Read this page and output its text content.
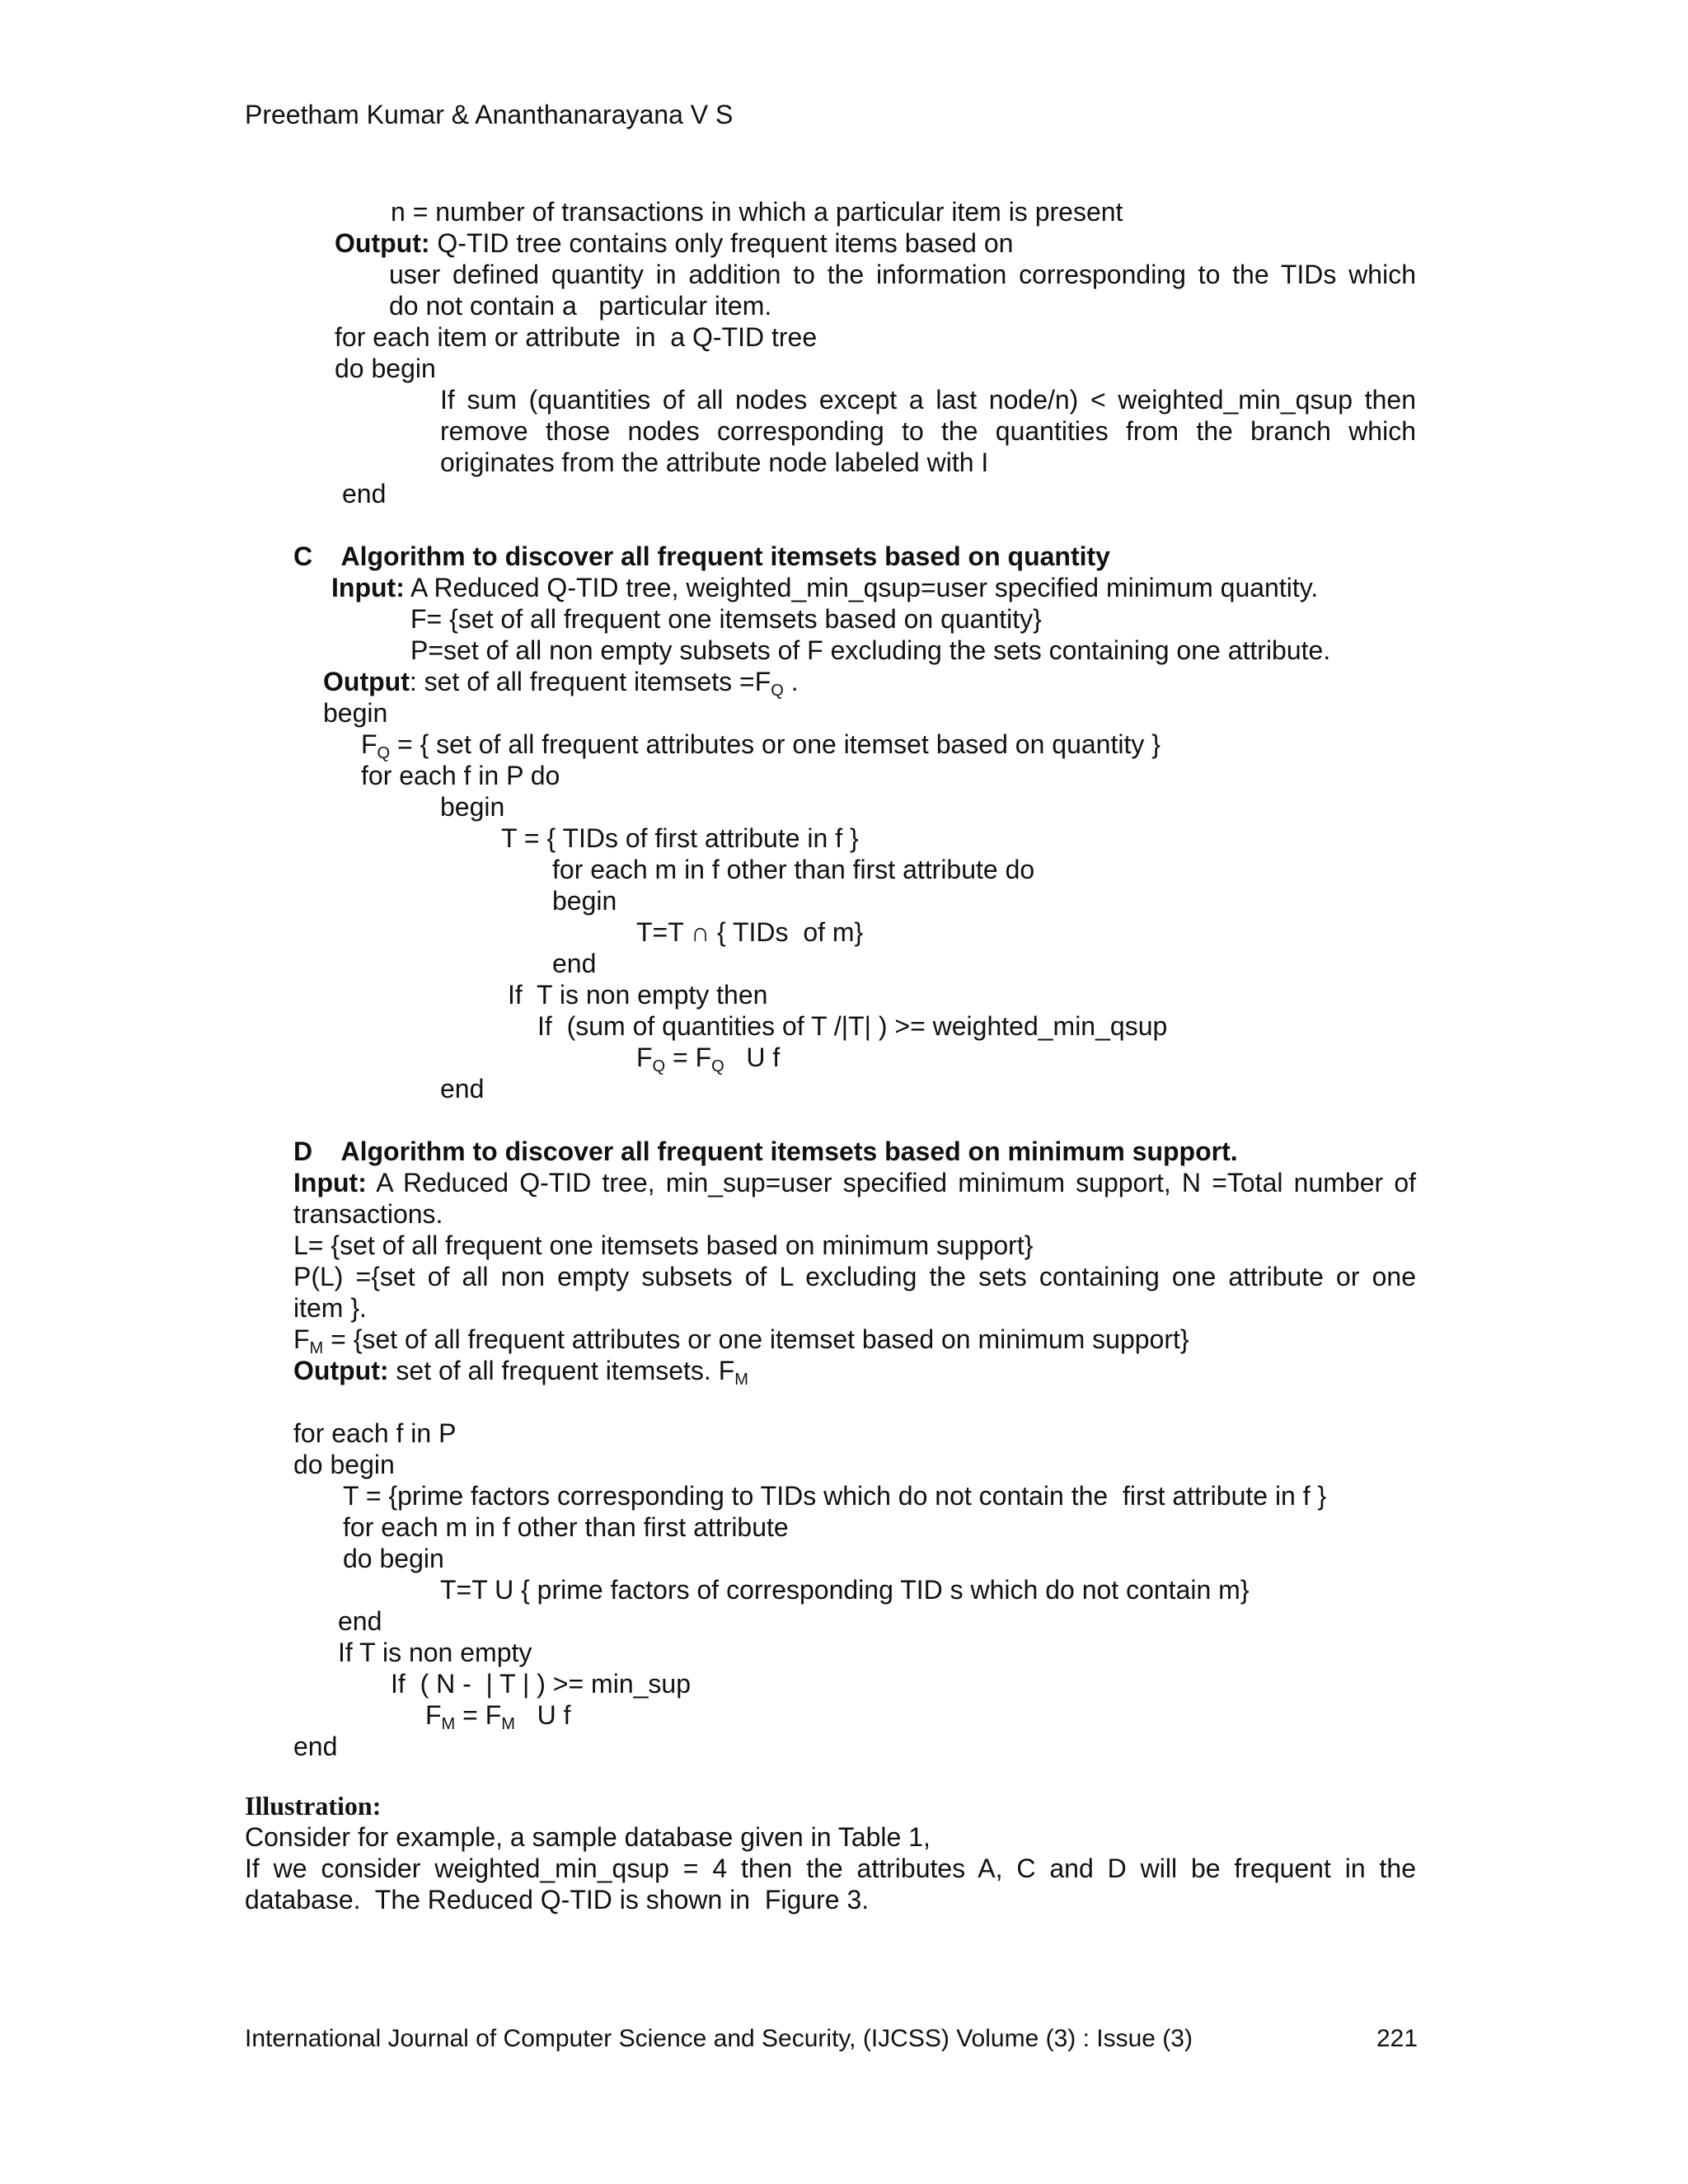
Preetham Kumar & Ananthanarayana V S
n = number of transactions in which a particular item is present
Output: Q-TID tree contains only frequent items based on
user defined quantity in addition to the information corresponding to the TIDs which
do not contain a   particular item.
for each item or attribute  in  a Q-TID tree
do begin
If sum (quantities of all nodes except a last node/n) < weighted_min_qsup then
remove those nodes corresponding to the quantities from the branch which
originates from the attribute node labeled with I
end
C    Algorithm to discover all frequent itemsets based on quantity
Input: A Reduced Q-TID tree, weighted_min_qsup=user specified minimum quantity.
F= {set of all frequent one itemsets based on quantity}
P=set of all non empty subsets of F excluding the sets containing one attribute.
Output: set of all frequent itemsets $=F_Q$ .
begin
$F_Q$ = { set of all frequent attributes or one itemset based on quantity }
for each f in P do
begin
T = { TIDs of first attribute in f }
for each m in f other than first attribute do
begin
T=T ∩ { TIDs  of m}
end
If  T is non empty then
If  (sum of quantities of T /|T| ) >= weighted_min_qsup
$F_Q = F_Q$   U f
end
D    Algorithm to discover all frequent itemsets based on minimum support.
Input: A Reduced Q-TID tree, min_sup=user specified minimum support, N =Total number of
transactions.
L= {set of all frequent one itemsets based on minimum support}
P(L) ={set of all non empty subsets of L excluding the sets containing one attribute or one
item }.
$F_M = \{set$ of all frequent attributes or one itemset based on minimum support}
Output: set of all frequent itemsets. $F_M$
for each f in P
do begin
T = {prime factors corresponding to TIDs which do not contain the  first attribute in f }
for each m in f other than first attribute
do begin
T=T U { prime factors of corresponding TID s which do not contain m}
end
If T is non empty
If  ( N -  | T | ) >= min_sup
$F_M = F_M$   U f
end
Illustration:
Consider for example, a sample database given in Table 1,
If we consider weighted_min_qsup = 4 then the attributes A, C and D will be frequent in the
database.  The Reduced Q-TID is shown in  Figure 3.
International Journal of Computer Science and Security, (IJCSS) Volume (3) : Issue (3)	221
